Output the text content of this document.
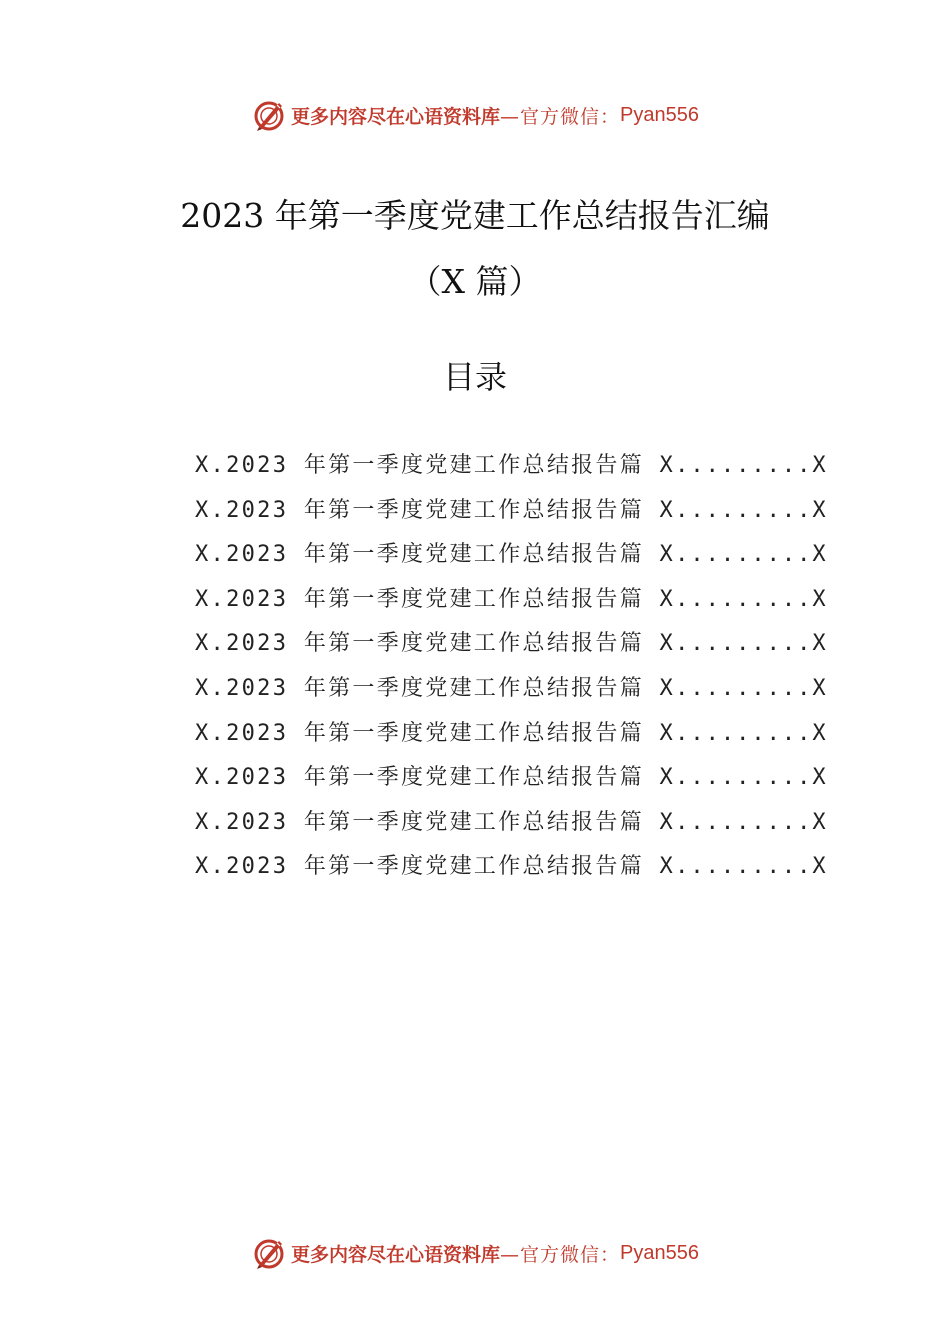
更多内容尽在心语资料库 —官方微信： Pyan556
2023 年第一季度党建工作总结报告汇编
（X 篇）
目录
X.2023 年第一季度党建工作总结报告篇 X ......... X
X.2023 年第一季度党建工作总结报告篇 X ......... X
X.2023 年第一季度党建工作总结报告篇 X ......... X
X.2023 年第一季度党建工作总结报告篇 X ......... X
X.2023 年第一季度党建工作总结报告篇 X ......... X
X.2023 年第一季度党建工作总结报告篇 X ......... X
X.2023 年第一季度党建工作总结报告篇 X ......... X
X.2023 年第一季度党建工作总结报告篇 X ......... X
X.2023 年第一季度党建工作总结报告篇 X ......... X
X.2023 年第一季度党建工作总结报告篇 X ......... X
更多内容尽在心语资料库 —官方微信： Pyan556
